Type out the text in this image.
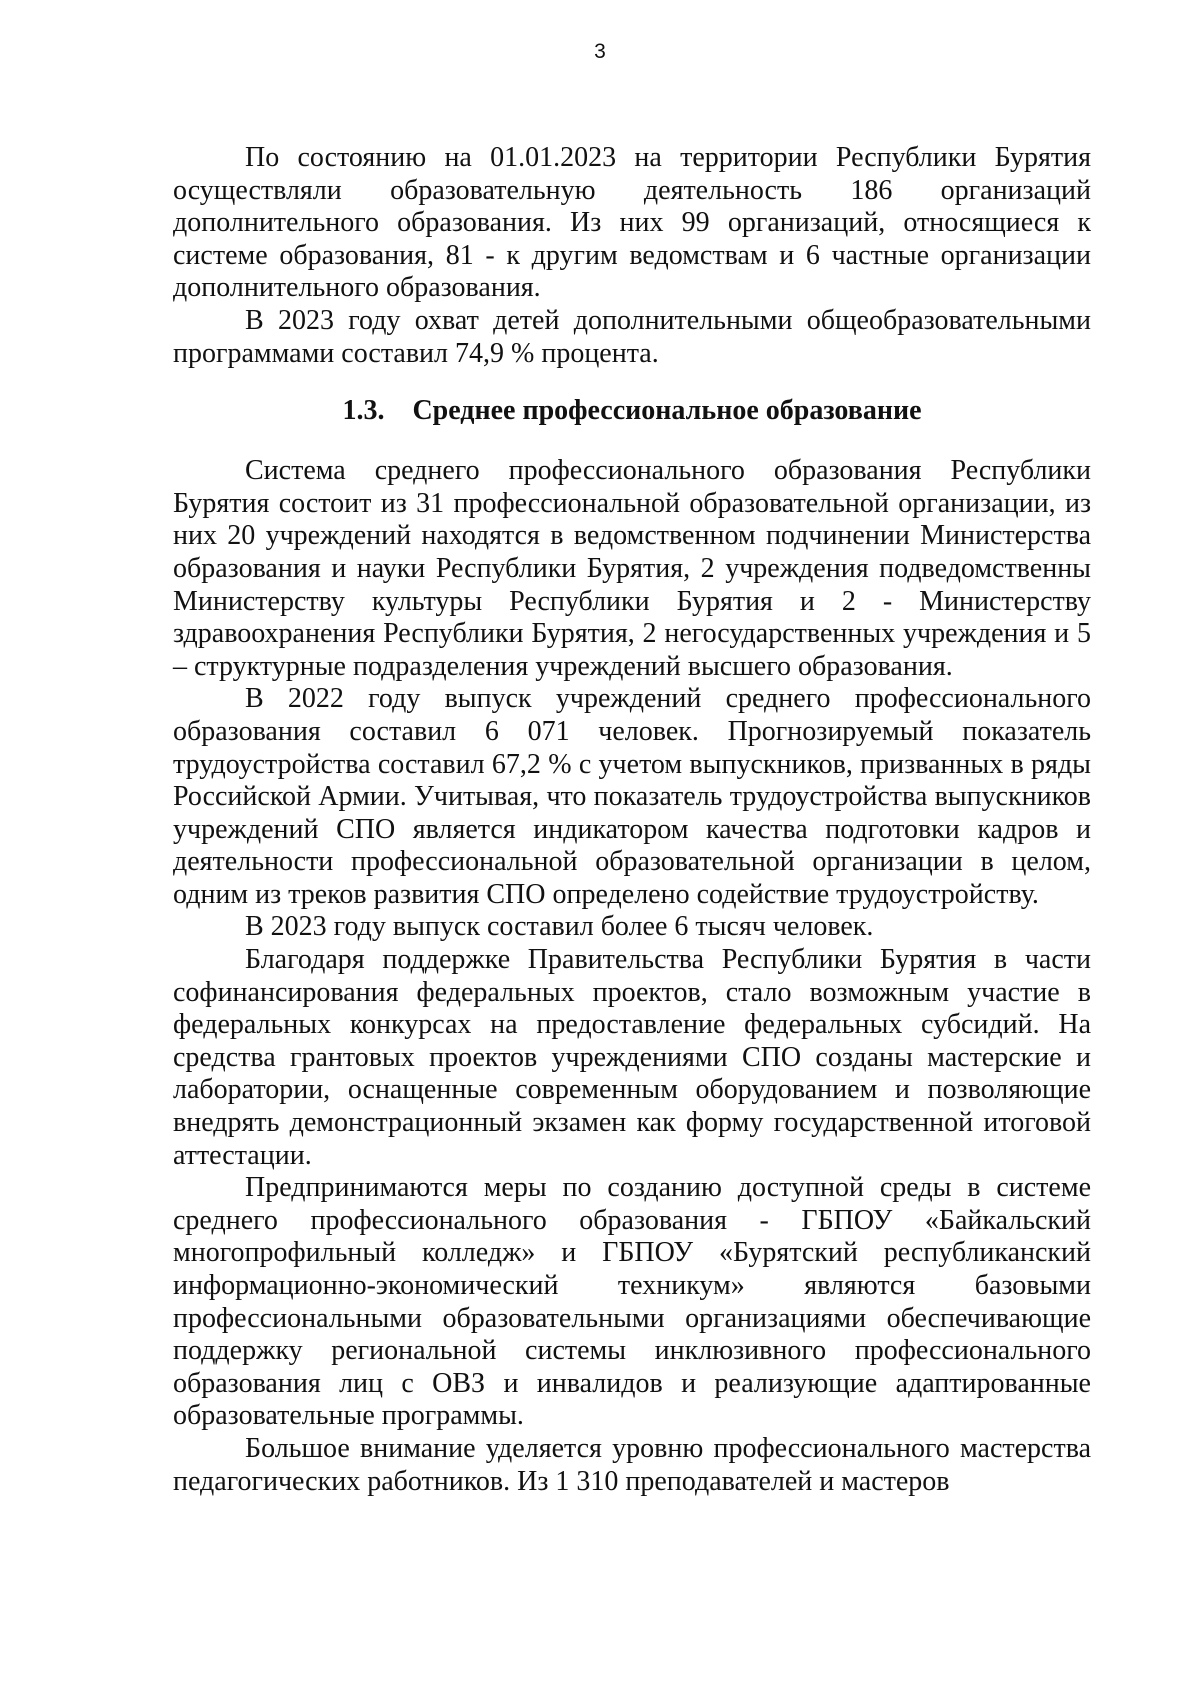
3

По состоянию на 01.01.2023 на территории Республики Бурятия осуществляли образовательную деятельность 186 организаций дополнительного образования. Из них 99 организаций, относящиеся к системе образования, 81 - к другим ведомствам и 6 частные организации дополнительного образования.

В 2023 году охват детей дополнительными общеобразовательными программами составил 74,9 % процента.

1.3. Среднее профессиональное образование

Система среднего профессионального образования Республики Бурятия состоит из 31 профессиональной образовательной организации, из них 20 учреждений находятся в ведомственном подчинении Министерства образования и науки Республики Бурятия, 2 учреждения подведомственны Министерству культуры Республики Бурятия и 2 - Министерству здравоохранения Республики Бурятия, 2 негосударственных учреждения и 5 – структурные подразделения учреждений высшего образования.

В 2022 году выпуск учреждений среднего профессионального образования составил 6 071 человек. Прогнозируемый показатель трудоустройства составил 67,2 % с учетом выпускников, призванных в ряды Российской Армии. Учитывая, что показатель трудоустройства выпускников учреждений СПО является индикатором качества подготовки кадров и деятельности профессиональной образовательной организации в целом, одним из треков развития СПО определено содействие трудоустройству.

В 2023 году выпуск составил более 6 тысяч человек.

Благодаря поддержке Правительства Республики Бурятия в части софинансирования федеральных проектов, стало возможным участие в федеральных конкурсах на предоставление федеральных субсидий. На средства грантовых проектов учреждениями СПО созданы мастерские и лаборатории, оснащенные современным оборудованием и позволяющие внедрять демонстрационный экзамен как форму государственной итоговой аттестации.

Предпринимаются меры по созданию доступной среды в системе среднего профессионального образования - ГБПОУ «Байкальский многопрофильный колледж» и ГБПОУ «Бурятский республиканский информационно-экономический техникум» являются базовыми профессиональными образовательными организациями обеспечивающие поддержку региональной системы инклюзивного профессионального образования лиц с ОВЗ и инвалидов и реализующие адаптированные образовательные программы.

Большое внимание уделяется уровню профессионального мастерства педагогических работников. Из 1 310 преподавателей и мастеров
